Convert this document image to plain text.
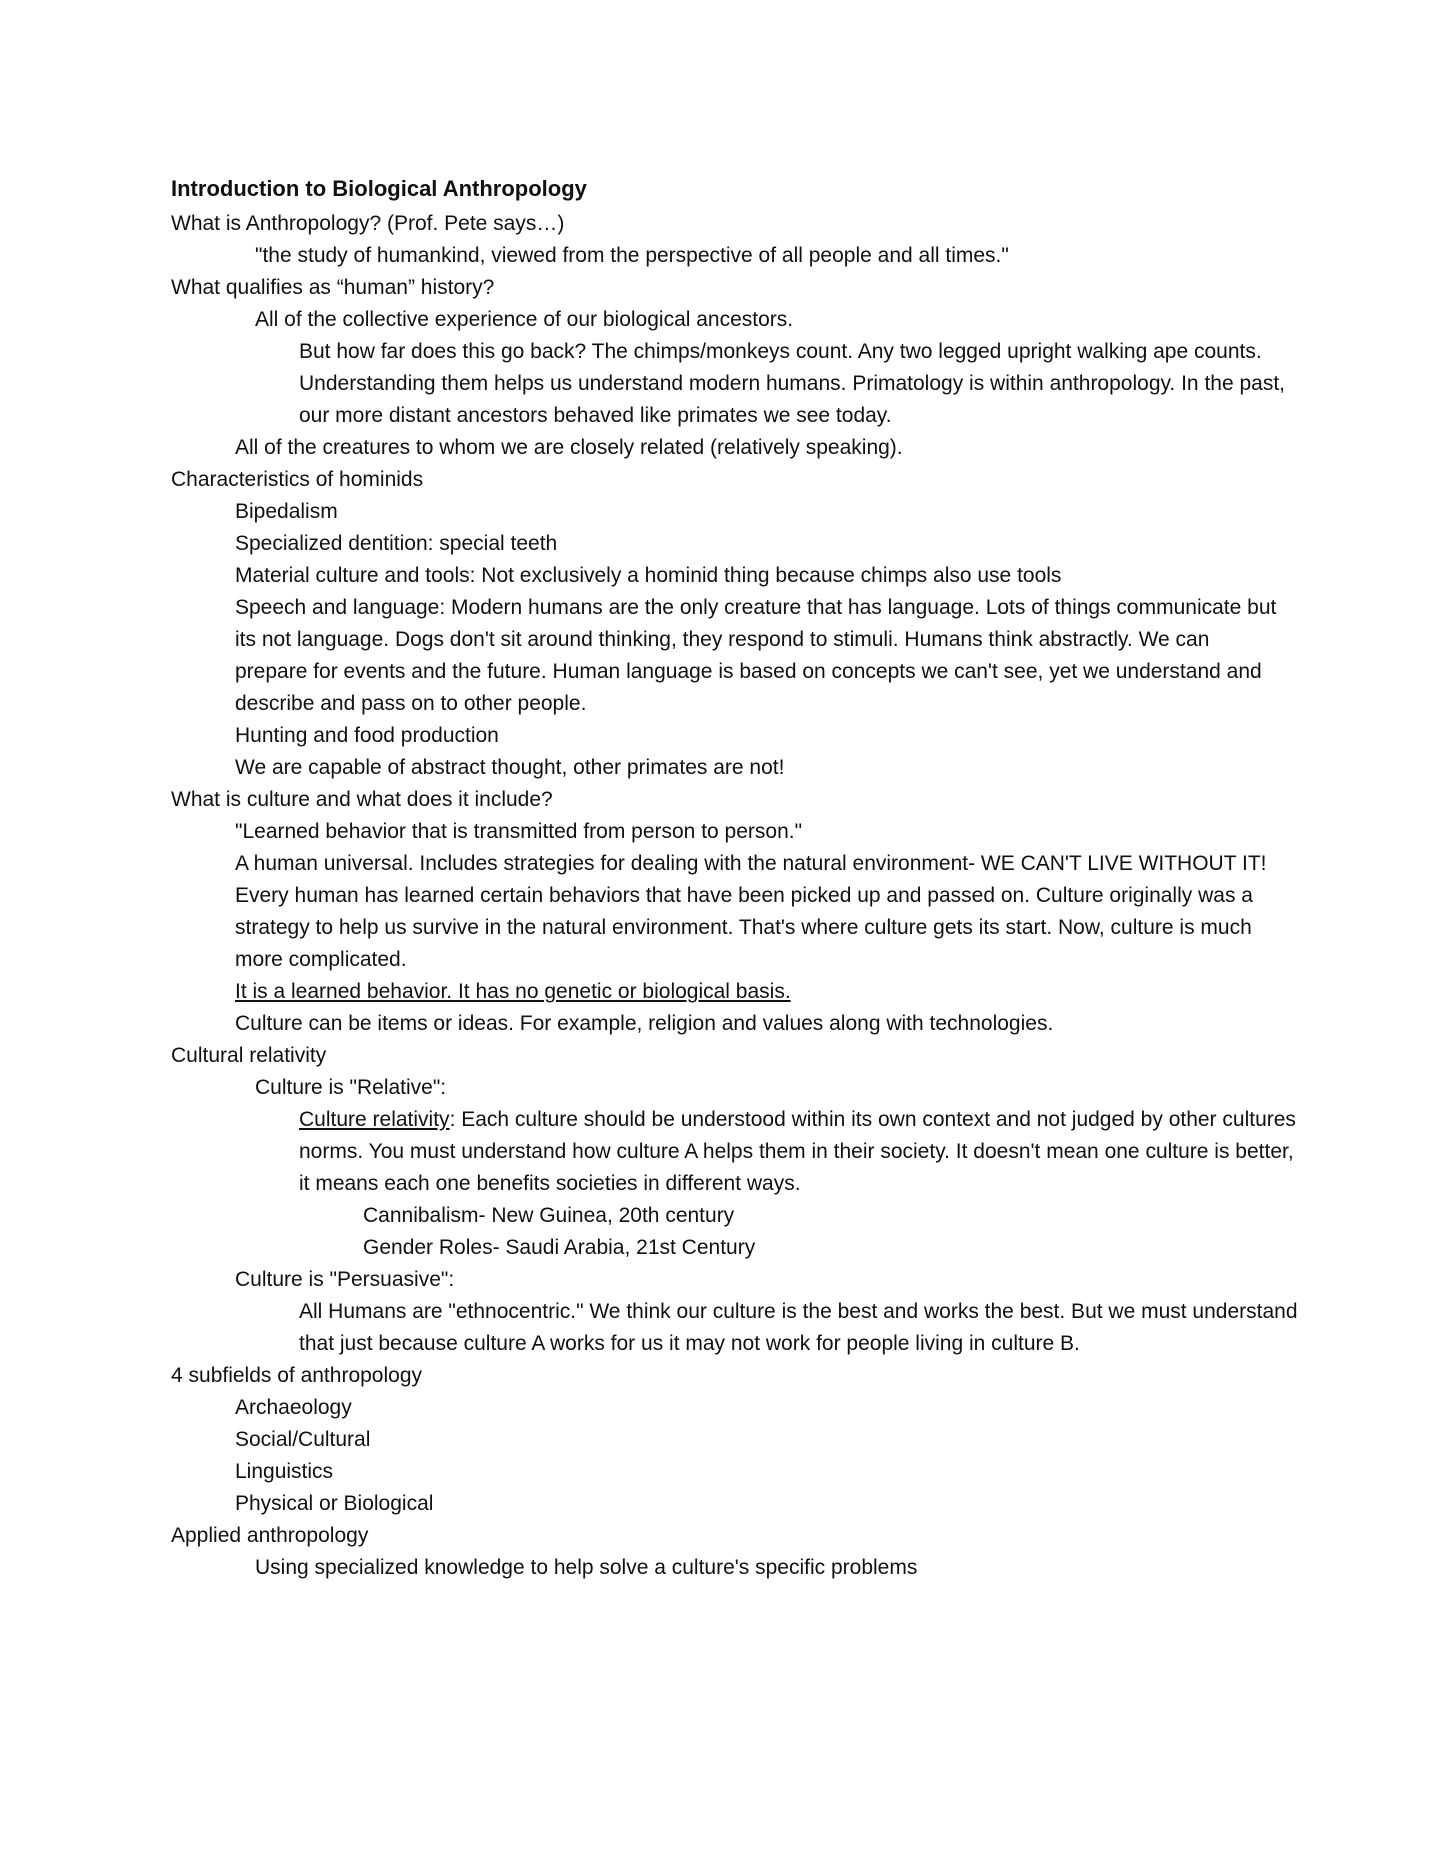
Introduction to Biological Anthropology
What is Anthropology? (Prof. Pete says…)
"the study of humankind, viewed from the perspective of all people and all times."
What qualifies as “human” history?
All of the collective experience of our biological ancestors.
But how far does this go back? The chimps/monkeys count. Any two legged upright walking ape counts. Understanding them helps us understand modern humans. Primatology is within anthropology. In the past, our more distant ancestors behaved like primates we see today.
All of the creatures to whom we are closely related (relatively speaking).
Characteristics of hominids
Bipedalism
Specialized dentition: special teeth
Material culture and tools: Not exclusively a hominid thing because chimps also use tools
Speech and language: Modern humans are the only creature that has language. Lots of things communicate but its not language. Dogs don't sit around thinking, they respond to stimuli. Humans think abstractly. We can prepare for events and the future. Human language is based on concepts we can't see, yet we understand and describe and pass on to other people.
Hunting and food production
We are capable of abstract thought, other primates are not!
What is culture and what does it include?
"Learned behavior that is transmitted from person to person."
A human universal. Includes strategies for dealing with the natural environment- WE CAN'T LIVE WITHOUT IT!
Every human has learned certain behaviors that have been picked up and passed on. Culture originally was a strategy to help us survive in the natural environment. That's where culture gets its start. Now, culture is much more complicated.
It is a learned behavior. It has no genetic or biological basis.
Culture can be items or ideas. For example, religion and values along with technologies.
Cultural relativity
Culture is "Relative":
Culture relativity: Each culture should be understood within its own context and not judged by other cultures norms. You must understand how culture A helps them in their society. It doesn't mean one culture is better, it means each one benefits societies in different ways.
Cannibalism- New Guinea, 20th century
Gender Roles- Saudi Arabia, 21st Century
Culture is "Persuasive":
All Humans are "ethnocentric." We think our culture is the best and works the best. But we must understand that just because culture A works for us it may not work for people living in culture B.
4 subfields of anthropology
Archaeology
Social/Cultural
Linguistics
Physical or Biological
Applied anthropology
Using specialized knowledge to help solve a culture's specific problems
